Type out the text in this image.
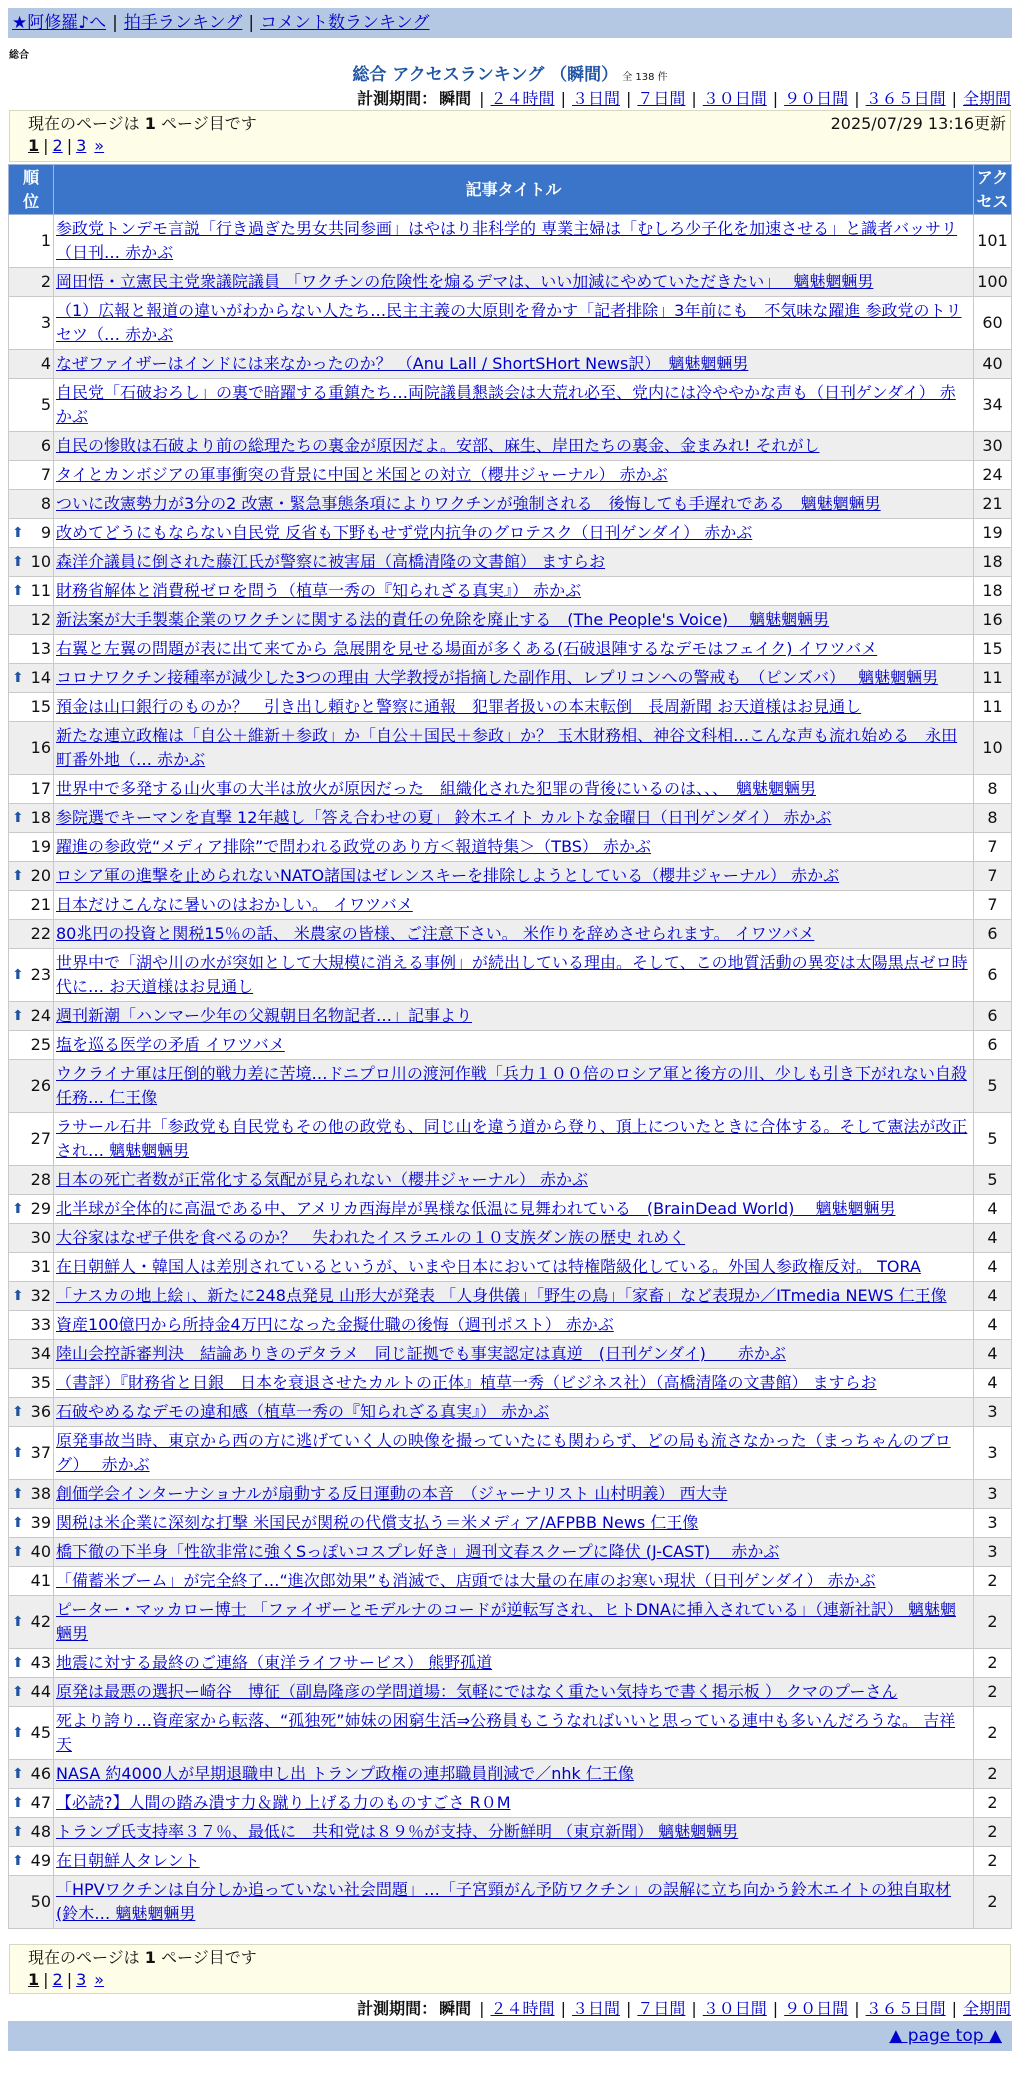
★阿修羅♪へ | 拍手ランキング | コメント数ランキング
総合
総合 アクセスランキング （瞬間） 全 138 件
計測期間： 瞬間 | ２４時間 | ３日間 | ７日間 | ３０日間 | ９０日間 | ３６５日間 | 全期間
現在のページは 1 ページ目です	2025/07/29 13:16更新
1 | 2 | 3 »
順位	記事タイトル	アクセス
1	参政党トンデモ言説「行き過ぎた男女共同参画」はやはり非科学的 専業主婦は「むしろ少子化を加速させる」と識者バッサリ（日刊… 赤かぶ	101
2	岡田悟・立憲民主党衆議院議員 「ワクチンの危険性を煽るデマは、いい加減にやめていただきたい」　 魑魅魍魎男	100
3	（1）広報と報道の違いがわからない人たち…民主主義の大原則を脅かす「記者排除」3年前にも　不気味な躍進 参政党のトリセツ（… 赤かぶ	60
4	なぜファイザーはインドには来なかったのか？ （Anu Lall / ShortSHort News訳）　魑魅魍魎男	40
5	自民党「石破おろし」の裏で暗躍する重鎮たち…両院議員懇談会は大荒れ必至、党内には冷ややかな声も（日刊ゲンダイ） 赤かぶ	34
6	自民の惨敗は石破より前の総理たちの裏金が原因だよ。安部、麻生、岸田たちの裏金、金まみれ! それがし	30
7	タイとカンボジアの軍事衝突の背景に中国と米国との対立（櫻井ジャーナル） 赤かぶ	24
8	ついに改憲勢力が3分の2 改憲・緊急事態条項によりワクチンが強制される　後悔しても手遅れである　魑魅魍魎男	21

⬆ 9	改めてどうにもならない自民党 反省も下野もせず党内抗争のグロテスク（日刊ゲンダイ） 赤かぶ	19

⬆ 10	森洋介議員に倒された藤江氏が警察に被害届（高橋清隆の文書館） ますらお	18

⬆ 11	財務省解体と消費税ゼロを問う（植草一秀の『知られざる真実』） 赤かぶ	18
12	新法案が大手製薬企業のワクチンに関する法的責任の免除を廃止する　(The People's Voice)　 魑魅魍魎男	16
13	右翼と左翼の問題が表に出て来てから 急展開を見せる場面が多くある(石破退陣するなデモはフェイク) イワツバメ	15

⬆ 14	コロナワクチン接種率が減少した3つの理由 大学教授が指摘した副作用、レプリコンへの警戒も　（ピンズバ）　 魑魅魍魎男	11
15	預金は山口銀行のものか？　引き出し頼むと警察に通報　犯罪者扱いの本末転倒　長周新聞 お天道様はお見通し	11
16	新たな連立政権は「自公＋維新＋参政」か「自公＋国民＋参政」か？ 玉木財務相、神谷文科相…こんな声も流れ始める　永田町番外地（… 赤かぶ	10
17	世界中で多発する山火事の大半は放火が原因だった　組織化された犯罪の背後にいるのは、、、　魑魅魍魎男	8

⬆ 18	参院選でキーマンを直撃 12年越し「答え合わせの夏」 鈴木エイト カルトな金曜日（日刊ゲンダイ） 赤かぶ	8
19	躍進の参政党“メディア排除”で問われる政党のあり方＜報道特集＞（TBS） 赤かぶ	7

⬆ 20	ロシア軍の進撃を止められないNATO諸国はゼレンスキーを排除しようとしている（櫻井ジャーナル） 赤かぶ	7
21	日本だけこんなに暑いのはおかしい。 イワツバメ	7
22	80兆円の投資と関税15％の話、 米農家の皆様、ご注意下さい。 米作りを辞めさせられます。 イワツバメ	6

⬆ 23	世界中で「湖や川の水が突如として大規模に消える事例」が続出している理由。そして、この地質活動の異変は太陽黒点ゼロ時代に… お天道様はお見通し	6

⬆ 24	週刊新潮「ハンマー少年の父親朝日名物記者…」記事より	6
25	塩を巡る医学の矛盾 イワツバメ	6
26	ウクライナ軍は圧倒的戦力差に苦境…ドニプロ川の渡河作戦「兵力１００倍のロシア軍と後方の川、少しも引き下がれない自殺任務… 仁王像	5
27	ラサール石井「参政党も自民党もその他の政党も、同じ山を違う道から登り、頂上についたときに合体する。そして憲法が改正され… 魑魅魍魎男	5
28	日本の死亡者数が正常化する気配が見られない（櫻井ジャーナル） 赤かぶ	5

⬆ 29	北半球が全体的に高温である中、アメリカ西海岸が異様な低温に見舞われている　(BrainDead World)　 魑魅魍魎男	4
30	大谷家はなぜ子供を食べるのか？　失われたイスラエルの１０支族ダン族の歴史 れめく	4
31	在日朝鮮人・韓国人は差別されているというが、いまや日本においては特権階級化している。外国人参政権反対。 TORA	4

⬆ 32	「ナスカの地上絵」、新たに248点発見 山形大が発表 「人身供儀」「野生の鳥」「家畜」など表現か／ITmedia NEWS 仁王像	4
33	資産100億円から所持金4万円になった金擬仕職の後悔（週刊ポスト） 赤かぶ	4
34	陸山会控訴審判決　結論ありきのデタラメ　同じ証拠でも事実認定は真逆　(日刊ゲンダイ)　　赤かぶ	4
35	（書評）『財務省と日銀　日本を衰退させたカルトの正体』植草一秀（ビジネス社）（高橋清隆の文書館） ますらお	4

⬆ 36	石破やめるなデモの違和感（植草一秀の『知られざる真実』） 赤かぶ	3

⬆ 37	原発事故当時、東京から西の方に逃げていく人の映像を撮っていたにも関わらず、どの局も流さなかった（まっちゃんのブログ）　 赤かぶ	3

⬆ 38	創価学会インターナショナルが扇動する反日運動の本音　（ジャーナリスト 山村明義） 西大寺	3

⬆ 39	関税は米企業に深刻な打撃 米国民が関税の代償支払う＝米メディア/AFPBB News 仁王像	3

⬆ 40	橋下徹の下半身「性欲非常に強くSっぽいコスプレ好き」週刊文春スクープに降伏 (J-CAST)　 赤かぶ	3
41	「備蓄米ブーム」が完全終了…“進次郎効果”も消滅で、店頭では大量の在庫のお寒い現状（日刊ゲンダイ） 赤かぶ	2

⬆ 42	ピーター・マッカロー博士 「ファイザーとモデルナのコードが逆転写され、ヒトDNAに挿入されている」（連新社訳） 魑魅魍魎男	2

⬆ 43	地震に対する最終のご連絡（東洋ライフサービス） 熊野孤道	2

⬆ 44	原発は最悪の選択ー崎谷　博征（副島隆彦の学問道場：気軽にではなく重たい気持ちで書く掲示板 ） クマのプーさん	2

⬆ 45	死より誇り…資産家から転落、“孤独死”姉妹の困窮生活⇒公務員もこうなればいいと思っている連中も多いんだろうな。 吉祥天	2

⬆ 46	NASA 約4000人が早期退職申し出 トランプ政権の連邦職員削減で／nhk 仁王像	2

⬆ 47	【必読?】人間の踏み潰す力＆蹴り上げる力のものすごさ R０M	2

⬆ 48	トランプ氏支持率３７％、最低に　共和党は８９％が支持、分断鮮明 （東京新聞） 魑魅魍魎男	2

⬆ 49	在日朝鮮人タレント	2
50	「HPVワクチンは自分しか追っていない社会問題」…「子宮頸がん予防ワクチン」の誤解に立ち向かう鈴木エイトの独自取材(鈴木… 魑魅魍魎男	2
現在のページは 1 ページ目です
1 | 2 | 3 »
計測期間： 瞬間 | ２４時間 | ３日間 | ７日間 | ３０日間 | ９０日間 | ３６５日間 | 全期間
▲ page top ▲
